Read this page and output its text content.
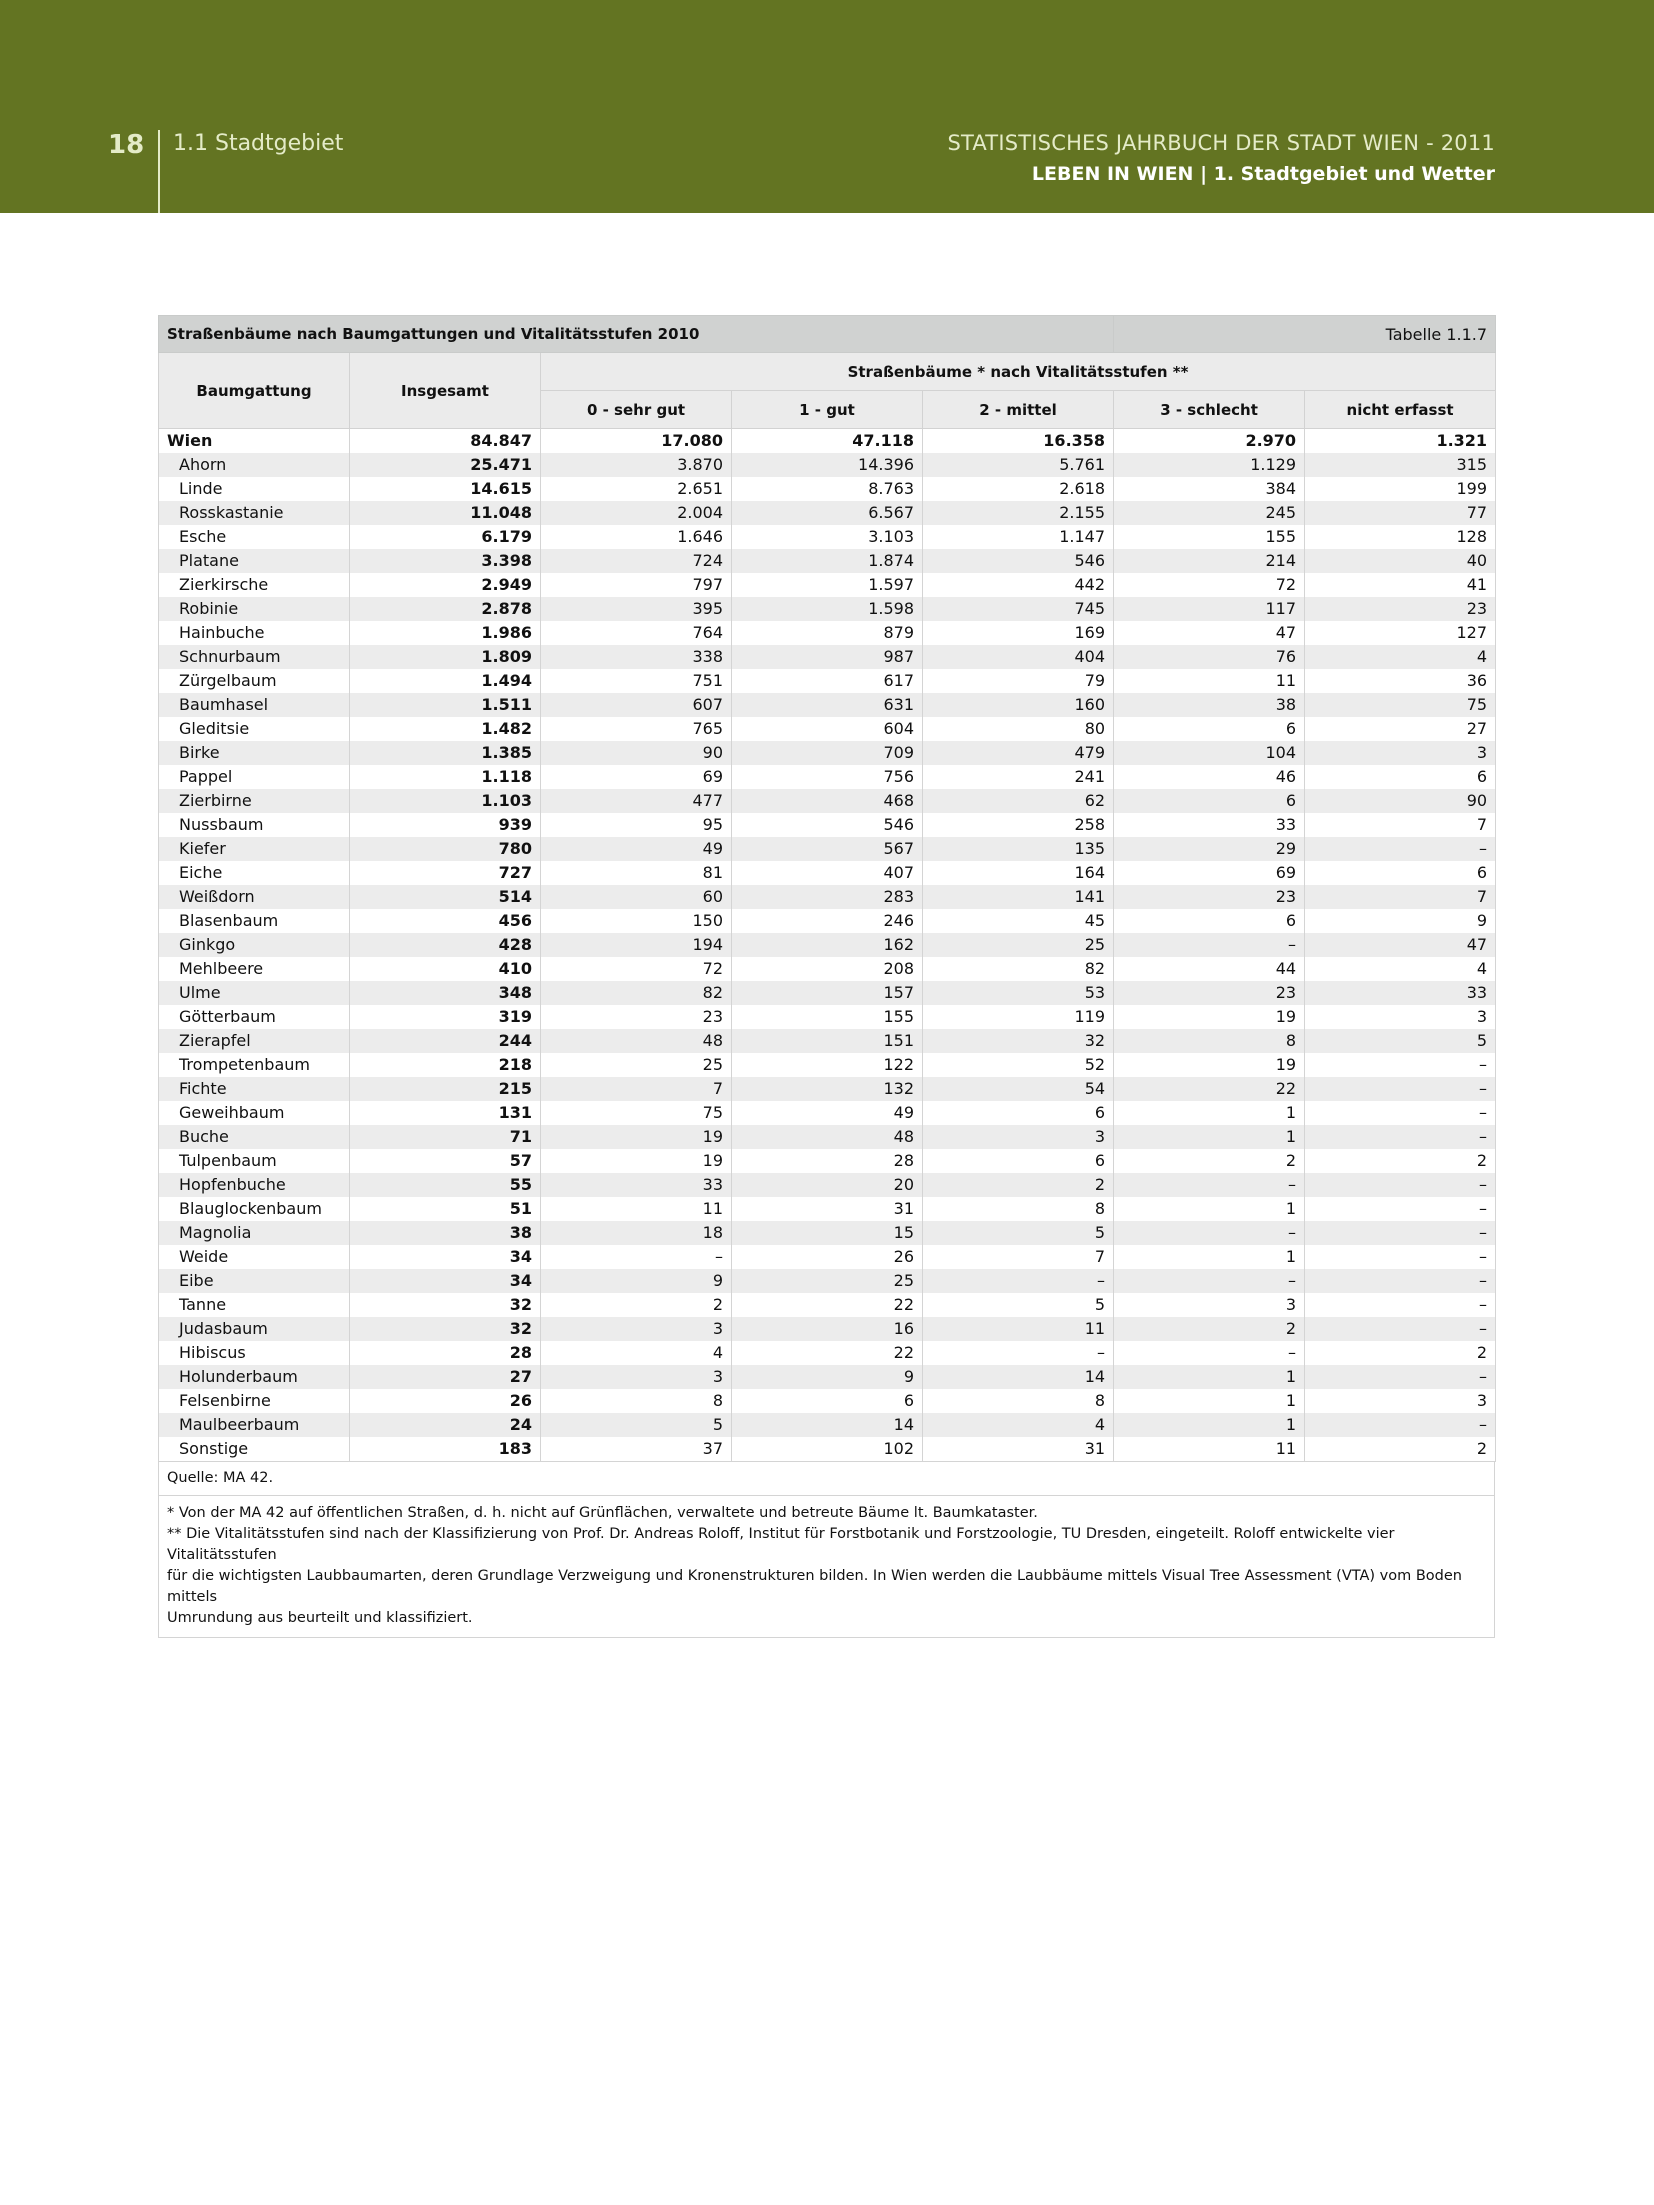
18 1.1 Stadtgebiet	STATISTISCHES JAHRBUCH DER STADT WIEN - 2011
LEBEN IN WIEN | 1. Stadtgebiet und Wetter
Straßenbäume nach Baumgattungen und Vitalitätsstufen 2010					Tabelle 1.1.7	
Baumgattung	Insgesamt	Straßenbäume * nach Vitalitätsstufen **				
		0 - sehr gut	1 - gut	2 - mittel	3 - schlecht	nicht erfasst
Wien	84.847	17.080	47.118	16.358	2.970	1.321
Ahorn	25.471	3.870	14.396	5.761	1.129	315
Linde	14.615	2.651	8.763	2.618	384	199
Rosskastanie	11.048	2.004	6.567	2.155	245	77
Esche	6.179	1.646	3.103	1.147	155	128
Platane	3.398	724	1.874	546	214	40
Zierkirsche	2.949	797	1.597	442	72	41
Robinie	2.878	395	1.598	745	117	23
Hainbuche	1.986	764	879	169	47	127
Schnurbaum	1.809	338	987	404	76	4
Zürgelbaum	1.494	751	617	79	11	36
Baumhasel	1.511	607	631	160	38	75
Gleditsie	1.482	765	604	80	6	27
Birke	1.385	90	709	479	104	3
Pappel	1.118	69	756	241	46	6
Zierbirne	1.103	477	468	62	6	90
Nussbaum	939	95	546	258	33	7
Kiefer	780	49	567	135	29	–
Eiche	727	81	407	164	69	6
Weißdorn	514	60	283	141	23	7
Blasenbaum	456	150	246	45	6	9
Ginkgo	428	194	162	25	–	47
Mehlbeere	410	72	208	82	44	4
Ulme	348	82	157	53	23	33
Götterbaum	319	23	155	119	19	3
Zierapfel	244	48	151	32	8	5
Trompetenbaum	218	25	122	52	19	–
Fichte	215	7	132	54	22	–
Geweihbaum	131	75	49	6	1	–
Buche	71	19	48	3	1	–
Tulpenbaum	57	19	28	6	2	2
Hopfenbuche	55	33	20	2	–	–
Blauglockenbaum	51	11	31	8	1	–
Magnolia	38	18	15	5	–	–
Weide	34	–	26	7	1	–
Eibe	34	9	25	–	–	–
Tanne	32	2	22	5	3	–
Judasbaum	32	3	16	11	2	–
Hibiscus	28	4	22	–	–	2
Holunderbaum	27	3	9	14	1	–
Felsenbirne	26	8	6	8	1	3
Maulbeerbaum	24	5	14	4	1	–
Sonstige	183	37	102	31	11	2
Quelle: MA 42.
* Von der MA 42 auf öffentlichen Straßen, d. h. nicht auf Grünflächen, verwaltete und betreute Bäume lt. Baumkataster.
** Die Vitalitätsstufen sind nach der Klassifizierung von Prof. Dr. Andreas Roloff, Institut für Forstbotanik und Forstzoologie, TU Dresden, eingeteilt. Roloff entwickelte vier Vitalitätsstufen
für die wichtigsten Laubbaumarten, deren Grundlage Verzweigung und Kronenstrukturen bilden. In Wien werden die Laubbäume mittels Visual Tree Assessment (VTA) vom Boden mittels
Umrundung aus beurteilt und klassifiziert.
